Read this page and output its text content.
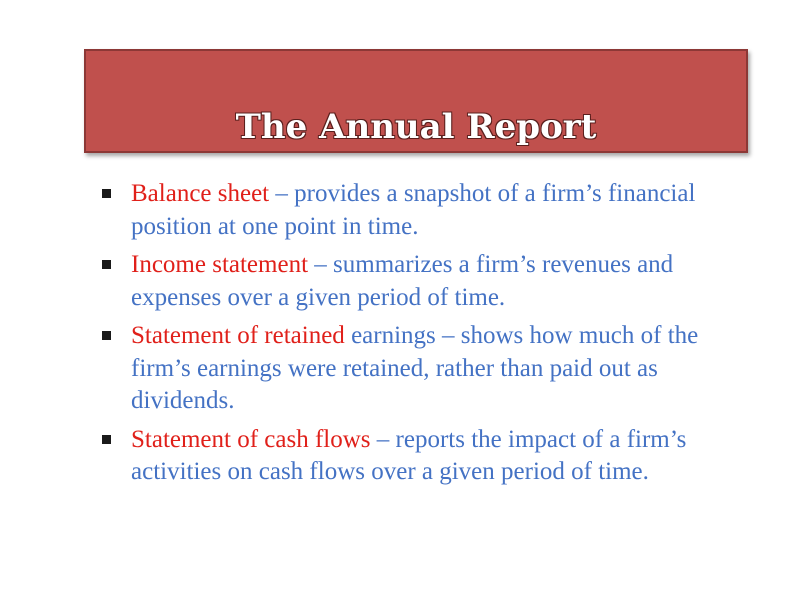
The Annual Report
Balance sheet – provides a snapshot of a firm’s financial position at one point in time.
Income statement – summarizes a firm’s revenues and expenses over a given period of time.
Statement of retained earnings – shows how much of the firm’s earnings were retained, rather than paid out as dividends.
Statement of cash flows – reports the impact of a firm’s activities on cash flows over a given period of time.
